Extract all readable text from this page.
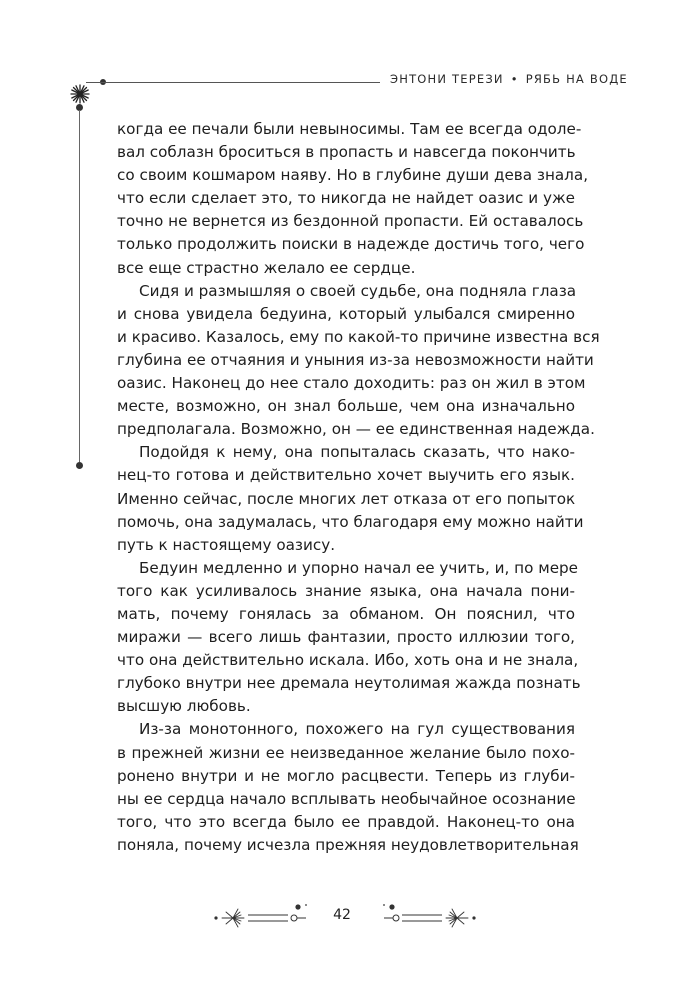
ЭНТОНИ ТЕРЕЗИ • РЯБЬ НА ВОДЕ
когда ее печали были невыносимы. Там ее всегда одоле-
вал соблазн броситься в пропасть и навсегда покончить
со своим кошмаром наяву. Но в глубине души дева знала,
что если сделает это, то никогда не найдет оазис и уже
точно не вернется из бездонной пропасти. Ей оставалось
только продолжить поиски в надежде достичь того, чего
все еще страстно желало ее сердце.
Сидя и размышляя о своей судьбе, она подняла глаза
и снова увидела бедуина, который улыбался смиренно
и красиво. Казалось, ему по какой-то причине известна вся
глубина ее отчаяния и уныния из-за невозможности найти
оазис. Наконец до нее стало доходить: раз он жил в этом
месте, возможно, он знал больше, чем она изначально
предполагала. Возможно, он — ее единственная надежда.
Подойдя к нему, она попыталась сказать, что нако-
нец-то готова и действительно хочет выучить его язык.
Именно сейчас, после многих лет отказа от его попыток
помочь, она задумалась, что благодаря ему можно найти
путь к настоящему оазису.
Бедуин медленно и упорно начал ее учить, и, по мере
того как усиливалось знание языка, она начала пони-
мать, почему гонялась за обманом. Он пояснил, что
миражи — всего лишь фантазии, просто иллюзии того,
что она действительно искала. Ибо, хоть она и не знала,
глубоко внутри нее дремала неутолимая жажда познать
высшую любовь.
Из-за монотонного, похожего на гул существования
в прежней жизни ее неизведанное желание было похо-
ронено внутри и не могло расцвести. Теперь из глуби-
ны ее сердца начало всплывать необычайное осознание
того, что это всегда было ее правдой. Наконец-то она
поняла, почему исчезла прежняя неудовлетворительная
42
